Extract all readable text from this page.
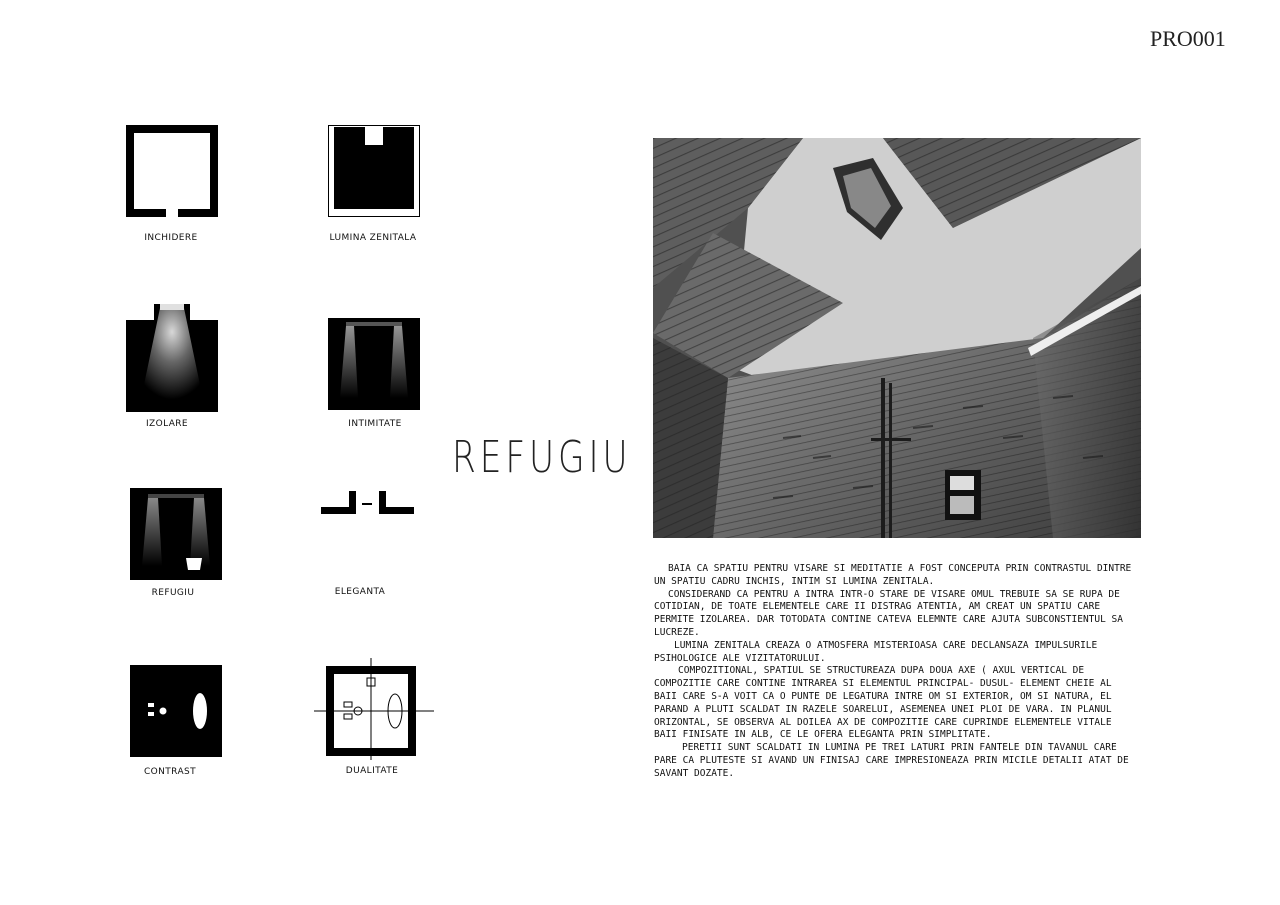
PRO001
INCHIDERE	LUMINA ZENITALA
IZOLARE	INTIMITATE
REFUGIU	ELEGANTA
CONTRAST	DUALITATE
REFUGIU

BAIA CA SPATIU PENTRU VISARE SI MEDITATIE A FOST CONCEPUTA PRIN CONTRASTUL DINTRE UN SPATIU CADRU INCHIS, INTIM SI LUMINA ZENITALA.

CONSIDERAND CA PENTRU A INTRA INTR-O STARE DE VISARE OMUL TREBUIE SA SE RUPA DE COTIDIAN, DE TOATE ELEMENTELE CARE II DISTRAG ATENTIA, AM CREAT UN SPATIU CARE PERMITE IZOLAREA. DAR TOTODATA CONTINE CATEVA ELEMNTE CARE AJUTA SUBCONSTIENTUL SA LUCREZE.

LUMINA ZENITALA CREAZA O ATMOSFERA MISTERIOASA CARE DECLANSAZA IMPULSURILE PSIHOLOGICE ALE VIZITATORULUI.

COMPOZITIONAL, SPATIUL SE STRUCTUREAZA DUPA DOUA AXE ( AXUL VERTICAL DE COMPOZITIE CARE CONTINE INTRAREA SI ELEMENTUL PRINCIPAL- DUSUL- ELEMENT CHEIE AL BAII CARE S-A VOIT CA O PUNTE DE LEGATURA INTRE OM SI EXTERIOR, OM SI NATURA, EL PARAND A PLUTI SCALDAT IN RAZELE SOARELUI, ASEMENEA UNEI PLOI DE VARA. IN PLANUL ORIZONTAL, SE OBSERVA AL DOILEA AX DE COMPOZITIE CARE CUPRINDE ELEMENTELE VITALE BAII FINISATE IN ALB, CE LE OFERA ELEGANTA PRIN SIMPLITATE.

PERETII SUNT SCALDATI IN LUMINA PE TREI LATURI PRIN FANTELE DIN TAVANUL CARE PARE CA PLUTESTE SI AVAND UN FINISAJ CARE IMPRESIONEAZA PRIN MICILE DETALII ATAT DE SAVANT DOZATE.
